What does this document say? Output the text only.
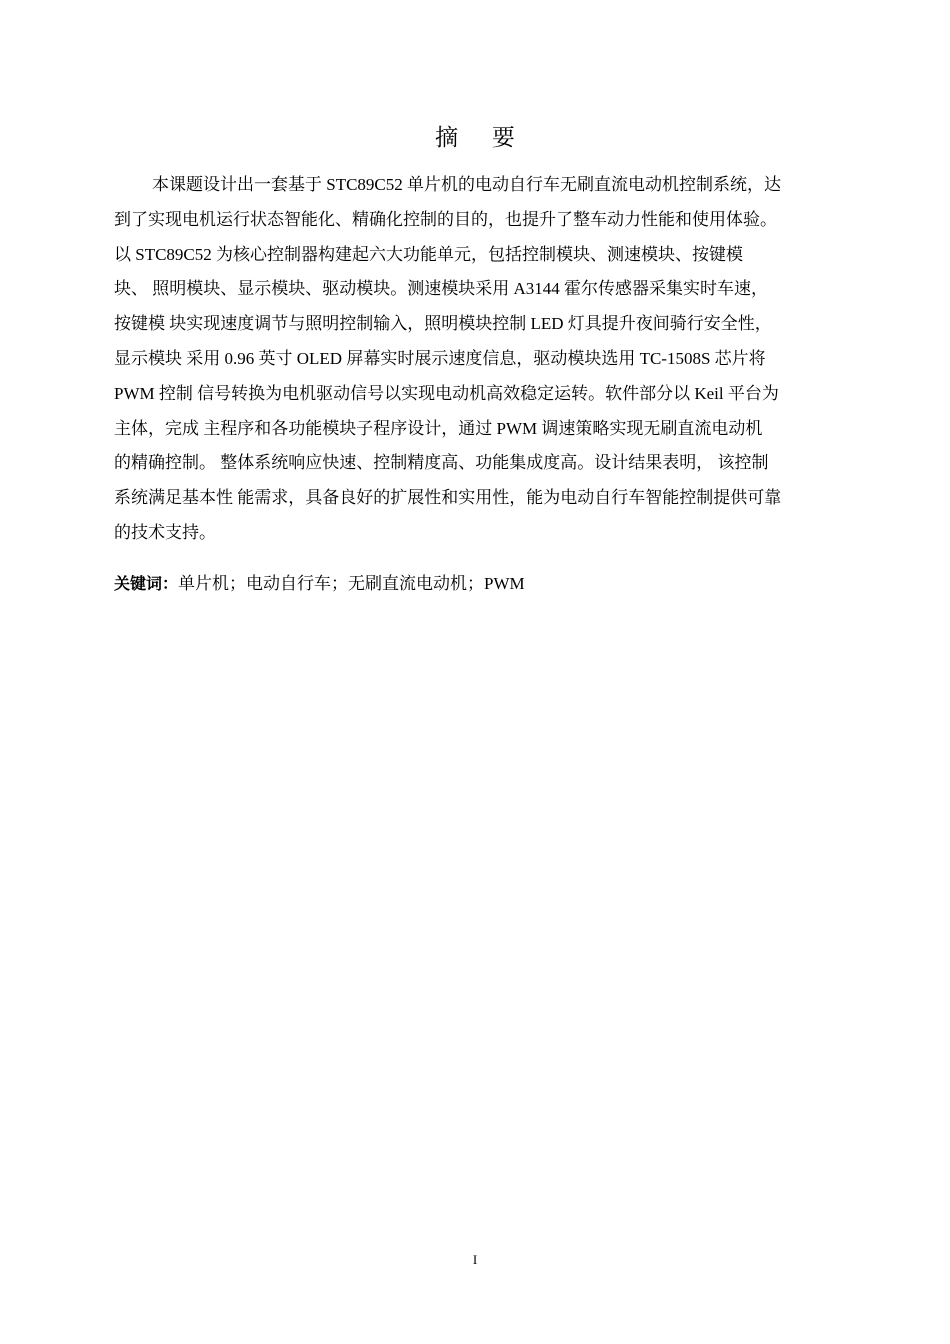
摘 要
本课题设计出一套基于 STC89C52 单片机的电动自行车无刷直流电动机控制系统，达
到了实现电机运行状态智能化、精确化控制的目的，也提升了整车动力性能和使用体验。
以 STC89C52 为核心控制器构建起六大功能单元，包括控制模块、测速模块、按键模
块、 照明模块、显示模块、驱动模块。测速模块采用 A3144 霍尔传感器采集实时车速，
按键模 块实现速度调节与照明控制输入，照明模块控制 LED 灯具提升夜间骑行安全性，
显示模块 采用 0.96 英寸 OLED 屏幕实时展示速度信息，驱动模块选用 TC-1508S 芯片将
PWM 控制 信号转换为电机驱动信号以实现电动机高效稳定运转。软件部分以 Keil 平台为
主体，完成 主程序和各功能模块子程序设计，通过 PWM 调速策略实现无刷直流电动机
的精确控制。 整体系统响应快速、控制精度高、功能集成度高。设计结果表明， 该控制
系统满足基本性 能需求，具备良好的扩展性和实用性，能为电动自行车智能控制提供可靠
的技术支持。
关键词：单片机；电动自行车；无刷直流电动机；PWM
I
